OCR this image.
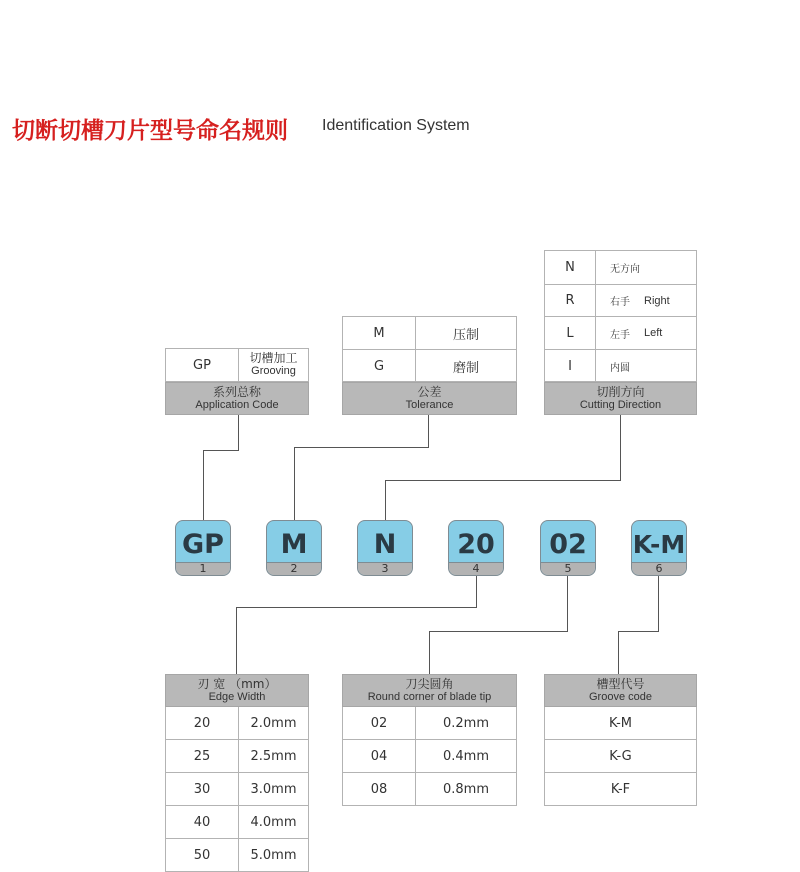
切断切槽刀片型号命名规则 Identification System
GP	切槽加工
Grooving
系列总称
Application Code
M	压制
G	磨制
公差
Tolerance
N	无方向
R	右手 Right
L	左手 Left
I	内圆
切削方向
Cutting Direction
GP
1
M
2
N
3
20
4
02
5
K-M
6
刃 宽 （mm）
Edge Width
20	2.0mm
25	2.5mm
30	3.0mm
40	4.0mm
50	5.0mm
刀尖圆角
Round corner of blade tip
02	0.2mm
04	0.4mm
08	0.8mm
槽型代号
Groove code
K-M
K-G
K-F
